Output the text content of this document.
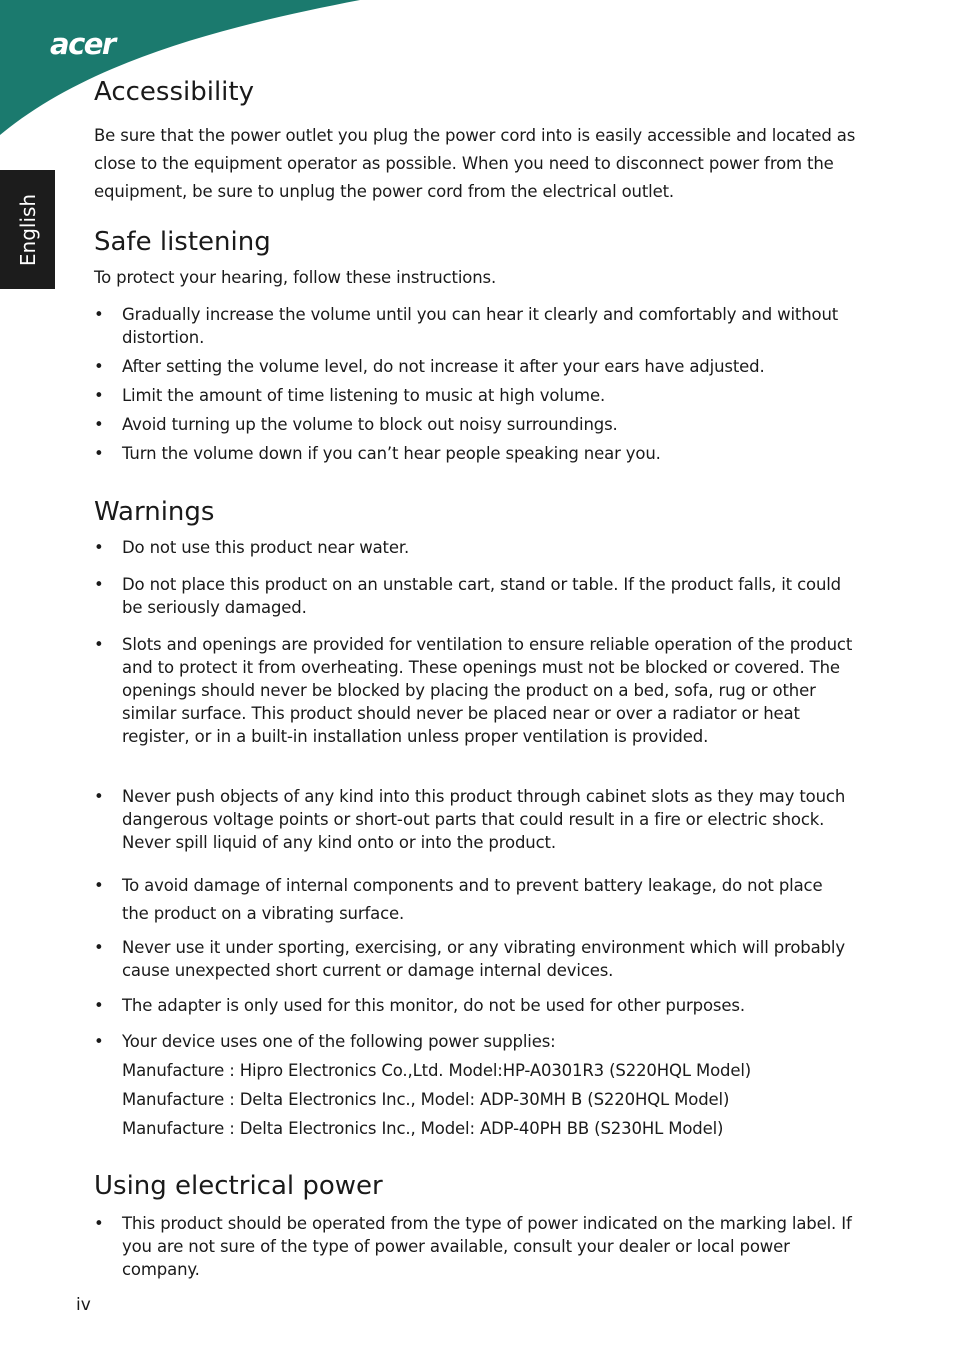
acer
English
Accessibility

Be sure that the power outlet you plug the power cord into is easily accessible and located as close to the equipment operator as possible. When you need to disconnect power from the equipment, be sure to unplug the power cord from the electrical outlet.

Safe listening

To protect your hearing, follow these instructions.

• Gradually increase the volume until you can hear it clearly and comfortably and without distortion.
• After setting the volume level, do not increase it after your ears have adjusted.
• Limit the amount of time listening to music at high volume.
• Avoid turning up the volume to block out noisy surroundings.
• Turn the volume down if you can’t hear people speaking near you.
Warnings
• Do not use this product near water.
• Do not place this product on an unstable cart, stand or table. If the product falls, it could be seriously damaged.
• Slots and openings are provided for ventilation to ensure reliable operation of the product and to protect it from overheating. These openings must not be blocked or covered. The openings should never be blocked by placing the product on a bed, sofa, rug or other similar surface. This product should never be placed near or over a radiator or heat register, or in a built-in installation unless proper ventilation is provided.
• Never push objects of any kind into this product through cabinet slots as they may touch dangerous voltage points or short-out parts that could result in a fire or electric shock. Never spill liquid of any kind onto or into the product.
• To avoid damage of internal components and to prevent battery leakage, do not place the product on a vibrating surface.
• Never use it under sporting, exercising, or any vibrating environment which will probably cause unexpected short current or damage internal devices.
• The adapter is only used for this monitor, do not be used for other purposes.
• Your device uses one of the following power supplies:
Manufacture : Hipro Electronics Co.,Ltd. Model:HP-A0301R3 (S220HQL Model)
Manufacture : Delta Electronics Inc., Model: ADP-30MH B (S220HQL Model)
Manufacture : Delta Electronics Inc., Model: ADP-40PH BB (S230HL Model)
Using electrical power
• This product should be operated from the type of power indicated on the marking label. If you are not sure of the type of power available, consult your dealer or local power company.
iv
